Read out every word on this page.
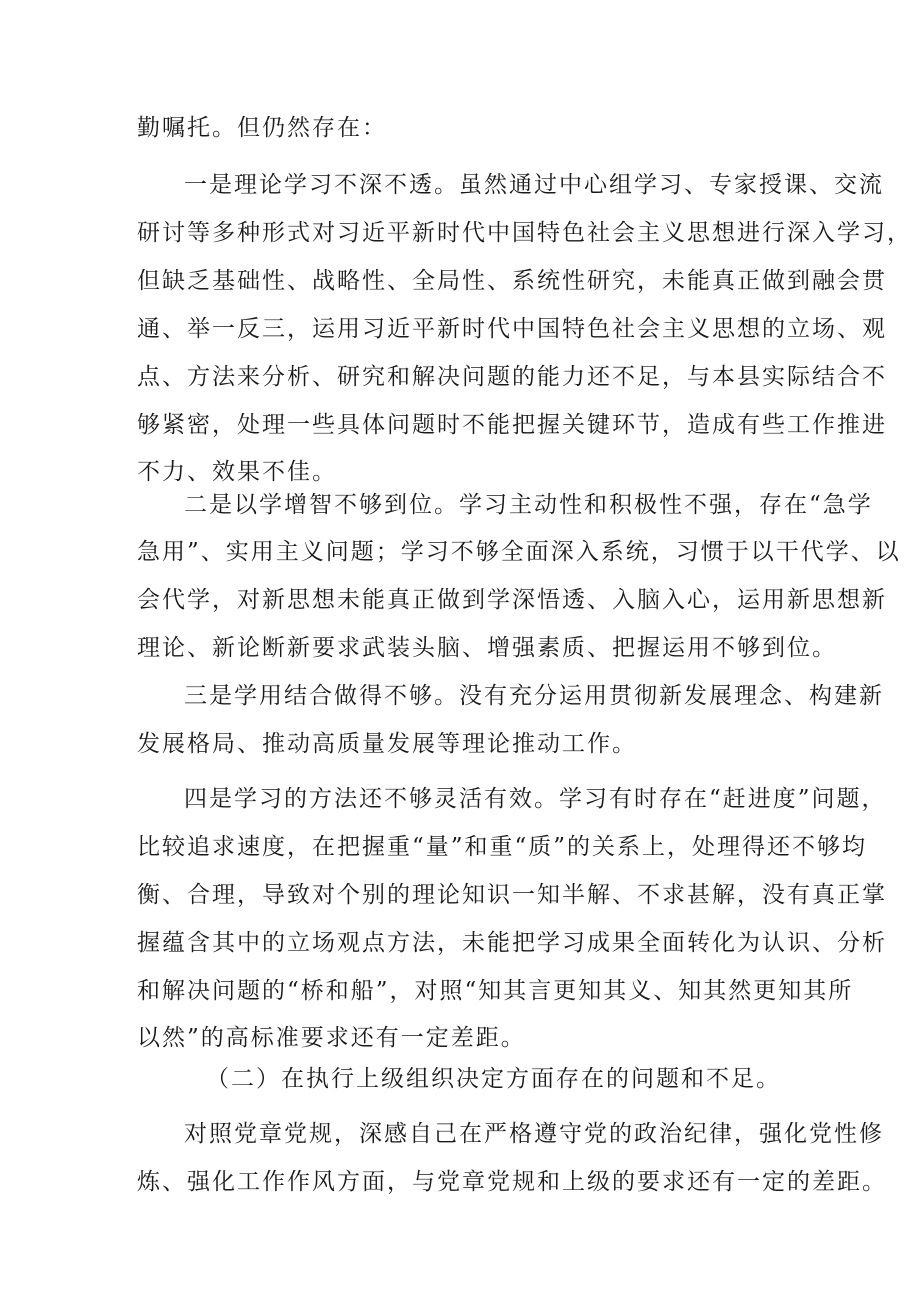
勤嘱托。但仍然存在：

一是理论学习不深不透。虽然通过中心组学习、专家授课、交流

研讨等多种形式对习近平新时代中国特色社会主义思想进行深入学习，

但缺乏基础性、战略性、全局性、系统性研究，未能真正做到融会贯

通、举一反三，运用习近平新时代中国特色社会主义思想的立场、观

点、方法来分析、研究和解决问题的能力还不足，与本县实际结合不

够紧密，处理一些具体问题时不能把握关键环节，造成有些工作推进

不力、效果不佳。

二是以学增智不够到位。学习主动性和积极性不强，存在“急学

急用”、实用主义问题；学习不够全面深入系统，习惯于以干代学、以

会代学，对新思想未能真正做到学深悟透、入脑入心，运用新思想新

理论、新论断新要求武装头脑、增强素质、把握运用不够到位。

三是学用结合做得不够。没有充分运用贯彻新发展理念、构建新

发展格局、推动高质量发展等理论推动工作。

四是学习的方法还不够灵活有效。学习有时存在“赶进度”问题，

比较追求速度，在把握重“量”和重“质”的关系上，处理得还不够均

衡、合理，导致对个别的理论知识一知半解、不求甚解，没有真正掌

握蕴含其中的立场观点方法，未能把学习成果全面转化为认识、分析

和解决问题的“桥和船”，对照“知其言更知其义、知其然更知其所

以然”的高标准要求还有一定差距。

（二）在执行上级组织决定方面存在的问题和不足。

对照党章党规，深感自己在严格遵守党的政治纪律，强化党性修

炼、强化工作作风方面，与党章党规和上级的要求还有一定的差距。
